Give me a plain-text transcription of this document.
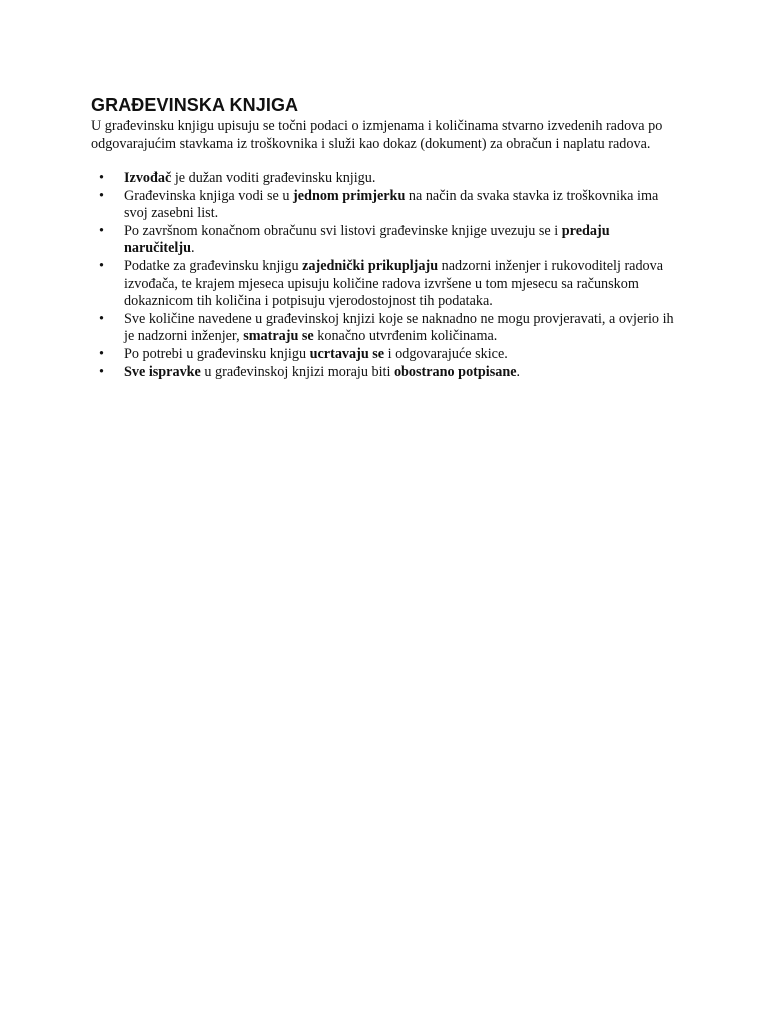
GRAĐEVINSKA KNJIGA

U građevinsku knjigu upisuju se točni podaci o izmjenama i količinama stvarno izvedenih radova po odgovarajućim stavkama iz troškovnika i služi kao dokaz (dokument) za obračun i naplatu radova.

• Izvođač je dužan voditi građevinsku knjigu.
• Građevinska knjiga vodi se u jednom primjerku na način da svaka stavka iz troškovnika ima svoj zasebni list.
• Po završnom konačnom obračunu svi listovi građevinske knjige uvezuju se i predaju naručitelju.
• Podatke za građevinsku knjigu zajednički prikupljaju nadzorni inženjer i rukovoditelj radova izvođača, te krajem mjeseca upisuju količine radova izvršene u tom mjesecu sa računskom dokaznicom tih količina i potpisuju vjerodostojnost tih podataka.
• Sve količine navedene u građevinskoj knjizi koje se naknadno ne mogu provjeravati, a ovjerio ih je nadzorni inženjer, smatraju se konačno utvrđenim količinama.
• Po potrebi u građevinsku knjigu ucrtavaju se i odgovarajuće skice.
• Sve ispravke u građevinskoj knjizi moraju biti obostrano potpisane.
